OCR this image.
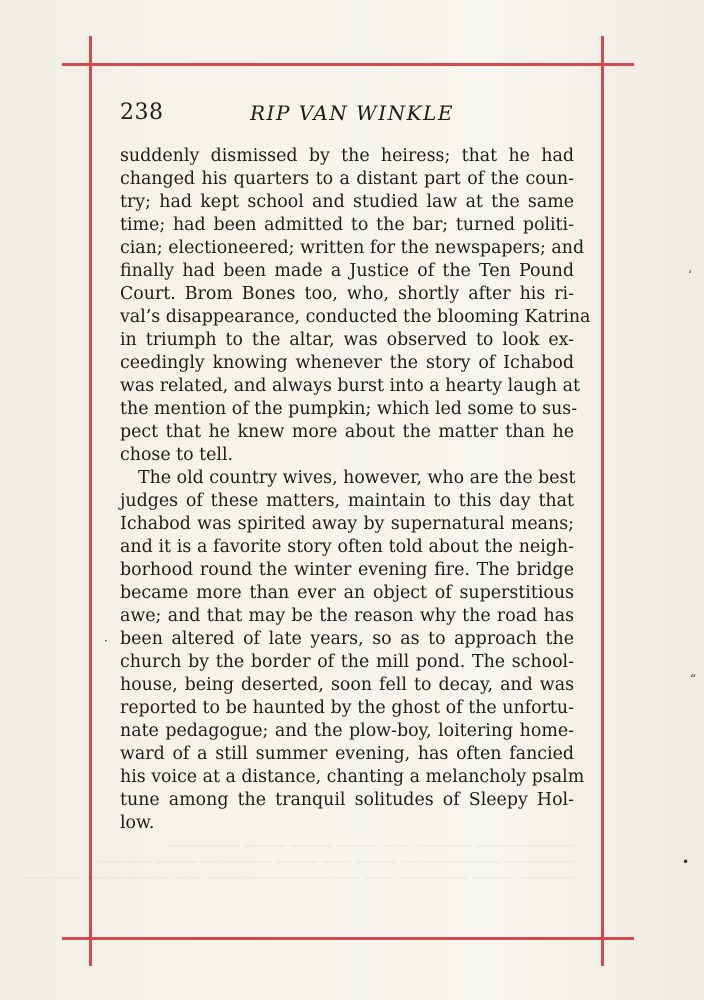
238	RIP VAN WINKLE
suddenly dismissed by the heiress; that he had
changed his quarters to a distant part of the coun-
try; had kept school and studied law at the same
time; had been admitted to the bar; turned politi-
cian; electioneered; written for the newspapers; and
finally had been made a Justice of the Ten Pound
Court. Brom Bones too, who, shortly after his ri-
val’s disappearance, conducted the blooming Katrina
in triumph to the altar, was observed to look ex-
ceedingly knowing whenever the story of Ichabod
was related, and always burst into a hearty laugh at
the mention of the pumpkin; which led some to sus-
pect that he knew more about the matter than he
chose to tell.
The old country wives, however, who are the best
judges of these matters, maintain to this day that
Ichabod was spirited away by supernatural means;
and it is a favorite story often told about the neigh-
borhood round the winter evening fire. The bridge
became more than ever an object of superstitious
awe; and that may be the reason why the road has
been altered of late years, so as to approach the
church by the border of the mill pond. The school-
house, being deserted, soon fell to decay, and was
reported to be haunted by the ghost of the unfortu-
nate pedagogue; and the plow-boy, loitering home-
ward of a still summer evening, has often fancied
his voice at a distance, chanting a melancholy psalm
tune among the tranquil solitudes of Sleepy Hol-
low.
——————— ———— —— ——— ——— ——— —————
————— ——————— ——— —— ——— ————— ——— ————
———— ——— ————— —— ——————————— —— —————— ————
‘
“
•
·
